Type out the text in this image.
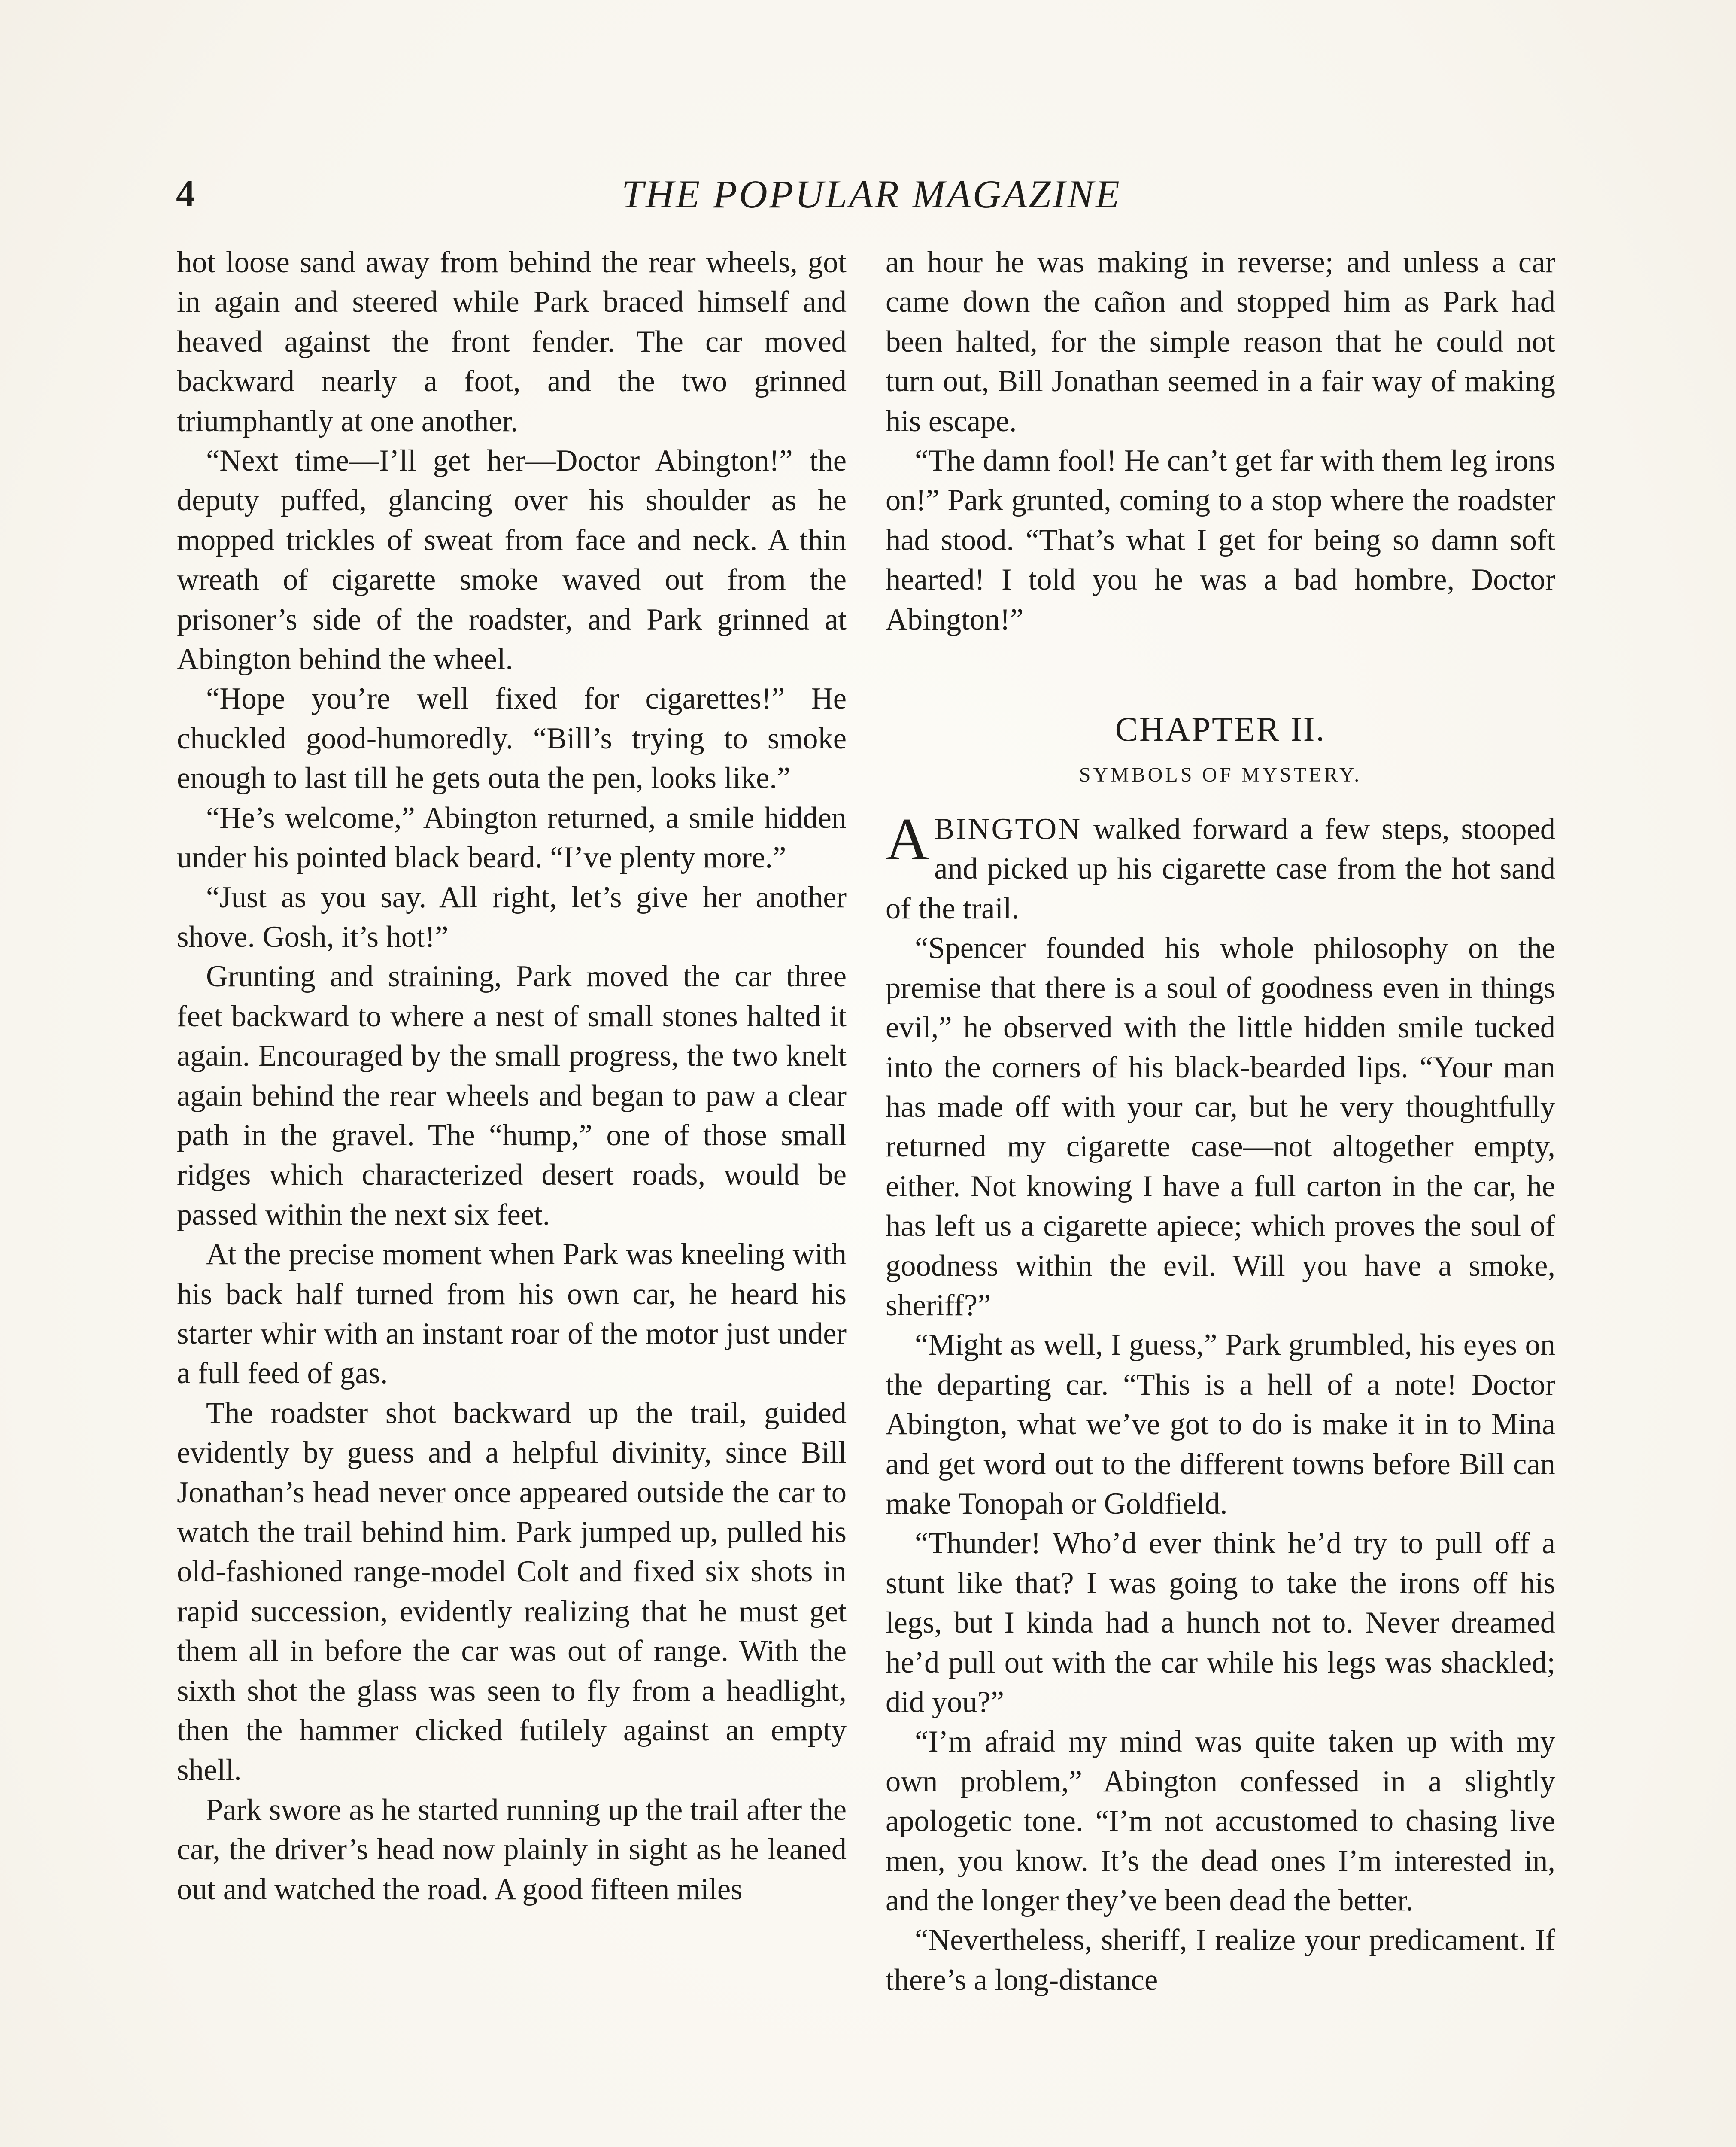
4	THE POPULAR MAGAZINE

hot loose sand away from behind the rear wheels, got in again and steered while Park braced himself and heaved against the front fender. The car moved backward nearly a foot, and the two grinned triumphantly at one another.

“Next time—I’ll get her—Doctor Abington!” the deputy puffed, glancing over his shoulder as he mopped trickles of sweat from face and neck. A thin wreath of cigarette smoke waved out from the prisoner’s side of the roadster, and Park grinned at Abington behind the wheel.

“Hope you’re well fixed for cigarettes!” He chuckled good-humoredly. “Bill’s trying to smoke enough to last till he gets outa the pen, looks like.”

“He’s welcome,” Abington returned, a smile hidden under his pointed black beard. “I’ve plenty more.”

“Just as you say. All right, let’s give her another shove. Gosh, it’s hot!”

Grunting and straining, Park moved the car three feet backward to where a nest of small stones halted it again. Encouraged by the small progress, the two knelt again behind the rear wheels and began to paw a clear path in the gravel. The “hump,” one of those small ridges which characterized desert roads, would be passed within the next six feet.

At the precise moment when Park was kneeling with his back half turned from his own car, he heard his starter whir with an instant roar of the motor just under a full feed of gas.

The roadster shot backward up the trail, guided evidently by guess and a helpful divinity, since Bill Jonathan’s head never once appeared outside the car to watch the trail behind him. Park jumped up, pulled his old-fashioned range-model Colt and fixed six shots in rapid succession, evidently realizing that he must get them all in before the car was out of range. With the sixth shot the glass was seen to fly from a headlight, then the hammer clicked futilely against an empty shell.

Park swore as he started running up the trail after the car, the driver’s head now plainly in sight as he leaned out and watched the road. A good fifteen miles

an hour he was making in reverse; and unless a car came down the cañon and stopped him as Park had been halted, for the simple reason that he could not turn out, Bill Jonathan seemed in a fair way of making his escape.

“The damn fool! He can’t get far with them leg irons on!” Park grunted, coming to a stop where the roadster had stood. “That’s what I get for being so damn soft hearted! I told you he was a bad hombre, Doctor Abington!”

CHAPTER II.
SYMBOLS OF MYSTERY.

ABINGTON walked forward a few steps, stooped and picked up his cigarette case from the hot sand of the trail.

“Spencer founded his whole philosophy on the premise that there is a soul of goodness even in things evil,” he observed with the little hidden smile tucked into the corners of his black-bearded lips. “Your man has made off with your car, but he very thoughtfully returned my cigarette case—not altogether empty, either. Not knowing I have a full carton in the car, he has left us a cigarette apiece; which proves the soul of goodness within the evil. Will you have a smoke, sheriff?”

“Might as well, I guess,” Park grumbled, his eyes on the departing car. “This is a hell of a note! Doctor Abington, what we’ve got to do is make it in to Mina and get word out to the different towns before Bill can make Tonopah or Goldfield.

“Thunder! Who’d ever think he’d try to pull off a stunt like that? I was going to take the irons off his legs, but I kinda had a hunch not to. Never dreamed he’d pull out with the car while his legs was shackled; did you?”

“I’m afraid my mind was quite taken up with my own problem,” Abington confessed in a slightly apologetic tone. “I’m not accustomed to chasing live men, you know. It’s the dead ones I’m interested in, and the longer they’ve been dead the better.

“Nevertheless, sheriff, I realize your predicament. If there’s a long-distance
